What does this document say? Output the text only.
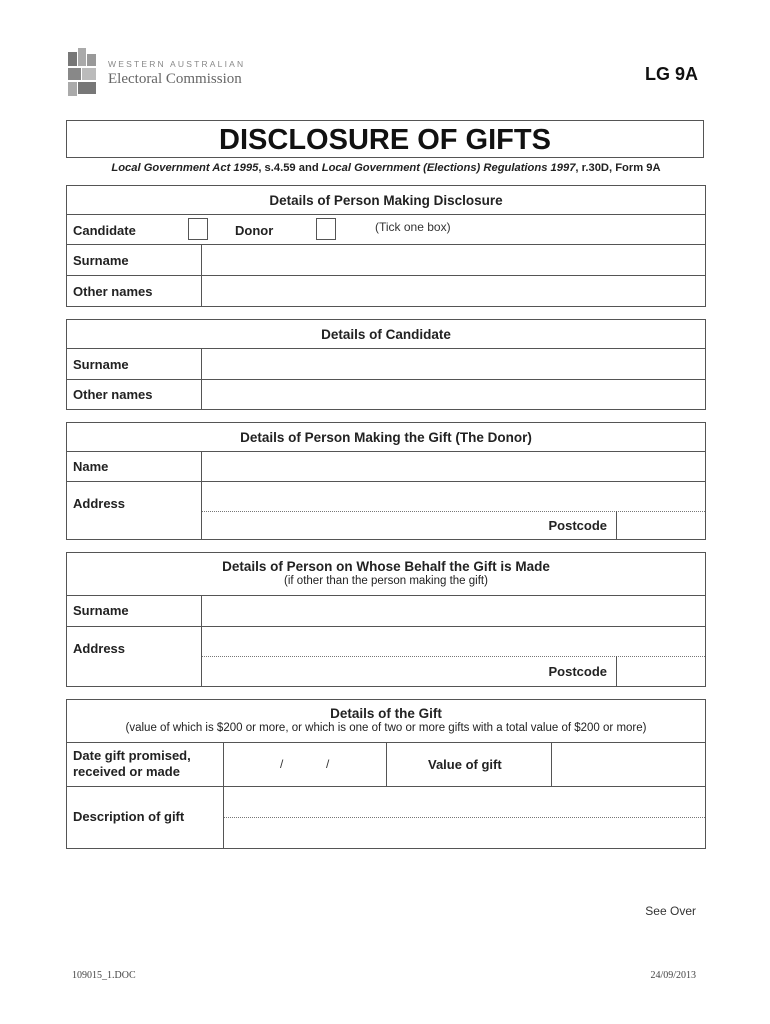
WESTERN AUSTRALIAN
Electoral Commission	LG 9A
DISCLOSURE OF GIFTS
Local Government Act 1995, s.4.59 and Local Government (Elections) Regulations 1997, r.30D, Form 9A
Details of Person Making Disclosure
Candidate	Donor	(Tick one box)
Surname
Other names
Details of Candidate
Surname
Other names
Details of Person Making the Gift (The Donor)
Name
Address
Postcode
Details of Person on Whose Behalf the Gift is Made
(if other than the person making the gift)
Surname
Address
Postcode
Details of the Gift
(value of which is $200 or more, or which is one of two or more gifts with a total value of $200 or more)
Date gift promised,
received or made	/	/	Value of gift
Description of gift
See Over
109015_1.DOC	24/09/2013
